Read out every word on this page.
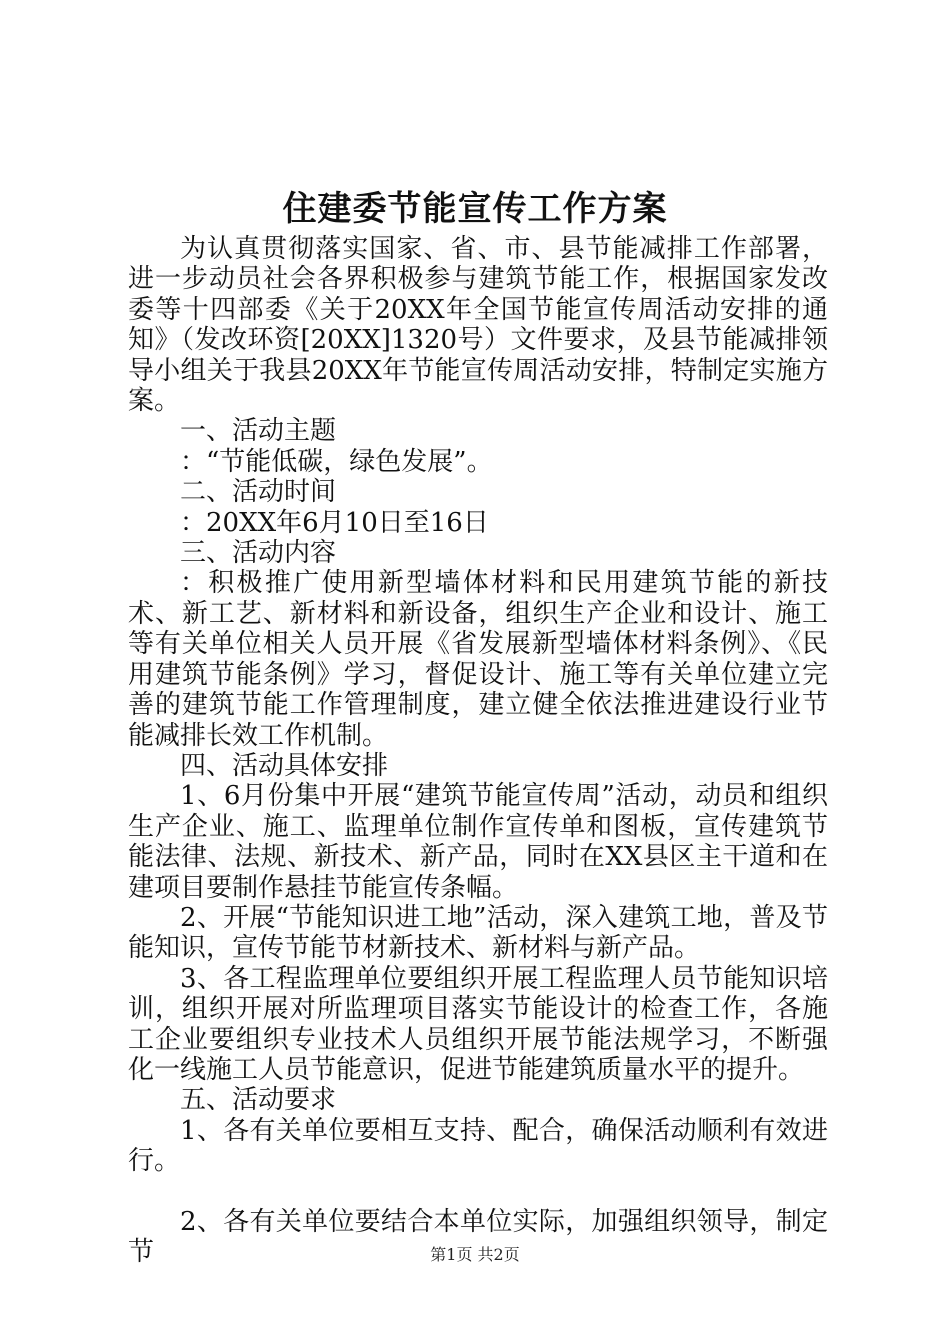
住建委节能宣传工作方案

为认真贯彻落实国家、省、市、县节能减排工作部署，进一步动员社会各界积极参与建筑节能工作，根据国家发改委等十四部委《关于20XX年全国节能宣传周活动安排的通知》（发改环资[20XX]1320号）文件要求，及县节能减排领导小组关于我县20XX年节能宣传周活动安排，特制定实施方案。

一、活动主题

：“节能低碳，绿色发展”。

二、活动时间

：20XX年6月10日至16日

三、活动内容

：积极推广使用新型墙体材料和民用建筑节能的新技术、新工艺、新材料和新设备，组织生产企业和设计、施工等有关单位相关人员开展《省发展新型墙体材料条例》、《民用建筑节能条例》学习，督促设计、施工等有关单位建立完善的建筑节能工作管理制度，建立健全依法推进建设行业节能减排长效工作机制。

四、活动具体安排

1、6月份集中开展“建筑节能宣传周”活动，动员和组织生产企业、施工、监理单位制作宣传单和图板，宣传建筑节能法律、法规、新技术、新产品，同时在XX县区主干道和在建项目要制作悬挂节能宣传条幅。

2、开展“节能知识进工地”活动，深入建筑工地，普及节能知识，宣传节能节材新技术、新材料与新产品。

3、各工程监理单位要组织开展工程监理人员节能知识培训，组织开展对所监理项目落实节能设计的检查工作，各施工企业要组织专业技术人员组织开展节能法规学习，不断强化一线施工人员节能意识，促进节能建筑质量水平的提升。

五、活动要求

1、各有关单位要相互支持、配合，确保活动顺利有效进行。

2、各有关单位要结合本单位实际，加强组织领导，制定节	第1页 共2页
